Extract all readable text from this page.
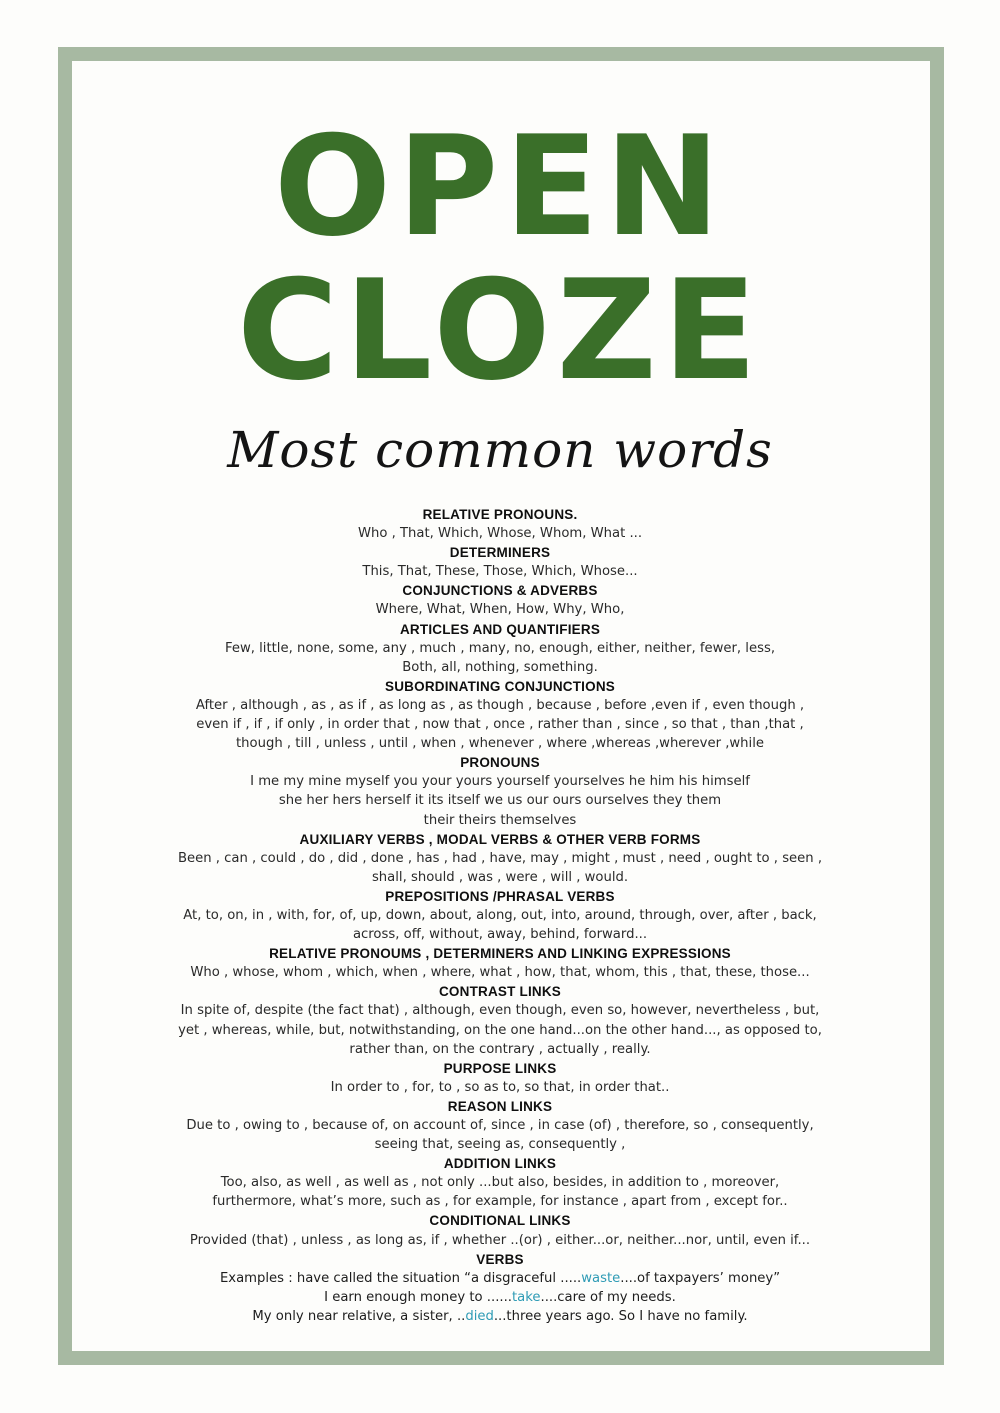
OPEN
CLOZE
Most common words
RELATIVE PRONOUNS.
Who , That, Which, Whose, Whom, What ...
DETERMINERS
This, That, These, Those, Which, Whose...
CONJUNCTIONS & ADVERBS
Where, What, When, How, Why, Who,
ARTICLES AND QUANTIFIERS
Few, little, none, some, any , much , many, no, enough, either, neither, fewer, less,
Both, all, nothing, something.
SUBORDINATING CONJUNCTIONS
After , although , as , as if , as long as , as though , because , before ,even if , even though ,
even if , if , if only , in order that , now that , once , rather than , since , so that , than ,that ,
though , till , unless , until , when , whenever , where ,whereas ,wherever ,while
PRONOUNS
I me my mine myself you your yours yourself yourselves he him his himself
she her hers herself it its itself we us our ours ourselves they them
their theirs themselves
AUXILIARY VERBS , MODAL VERBS & OTHER VERB FORMS
Been , can , could , do , did , done , has , had , have, may , might , must , need , ought to , seen ,
shall, should , was , were , will , would.
PREPOSITIONS /PHRASAL VERBS
At, to, on, in , with, for, of, up, down, about, along, out, into, around, through, over, after , back,
across, off, without, away, behind, forward...
RELATIVE PRONOUMS , DETERMINERS AND LINKING EXPRESSIONS
Who , whose, whom , which, when , where, what , how, that, whom, this , that, these, those...
CONTRAST LINKS
In spite of, despite (the fact that) , although, even though, even so, however, nevertheless , but,
yet , whereas, while, but, notwithstanding, on the one hand...on the other hand..., as opposed to,
rather than, on the contrary , actually , really.
PURPOSE LINKS
In order to , for, to , so as to, so that, in order that..
REASON LINKS
Due to , owing to , because of, on account of, since , in case (of) , therefore, so , consequently,
seeing that, seeing as, consequently ,
ADDITION LINKS
Too, also, as well , as well as , not only ...but also, besides, in addition to , moreover,
furthermore, what’s more, such as , for example, for instance , apart from , except for..
CONDITIONAL LINKS
Provided (that) , unless , as long as, if , whether ..(or) , either...or, neither...nor, until, even if...
VERBS
Examples : have called the situation “a disgraceful .....waste....of taxpayers’ money”
I earn enough money to ......take....care of my needs.
My only near relative, a sister, ..died...three years ago. So I have no family.
